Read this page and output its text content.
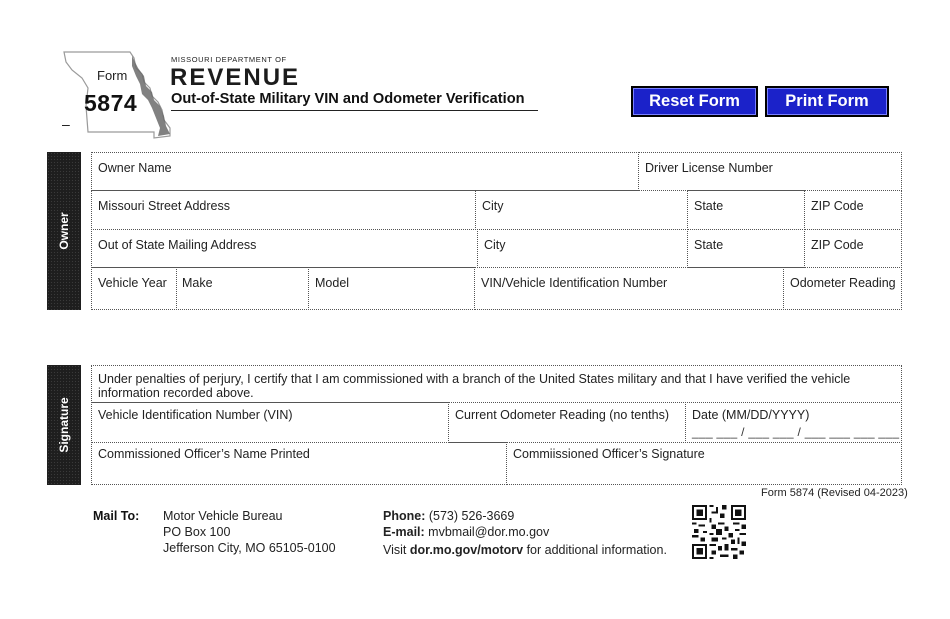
Form
5874
–
MISSOURI DEPARTMENT OF
REVENUE
Out-of-State Military VIN and Odometer Verification	Reset Form	Print Form
Owner
Owner Name	Driver License Number
Missouri Street Address	City	State	ZIP Code
Out of State Mailing Address	City	State	ZIP Code
Vehicle Year	Make	Model	VIN/Vehicle Identification Number	Odometer Reading
Signature
Under penalties of perjury, I certify that I am commissioned with a branch of the United States military and that I have verified the vehicle information recorded above.
Vehicle Identification Number (VIN)	Current Odometer Reading (no tenths)	Date (MM/DD/YYYY)
___ ___ / ___ ___ / ___ ___ ___ ___
Commissioned Officer’s Name Printed	Commiissioned Officer’s Signature
Form 5874 (Revised 04-2023)
Mail To: Motor Vehicle Bureau
PO Box 100
Jefferson City, MO 65105-0100
Phone: (573) 526-3669
E-mail: mvbmail@dor.mo.gov
Visit dor.mo.gov/motorv for additional information.
